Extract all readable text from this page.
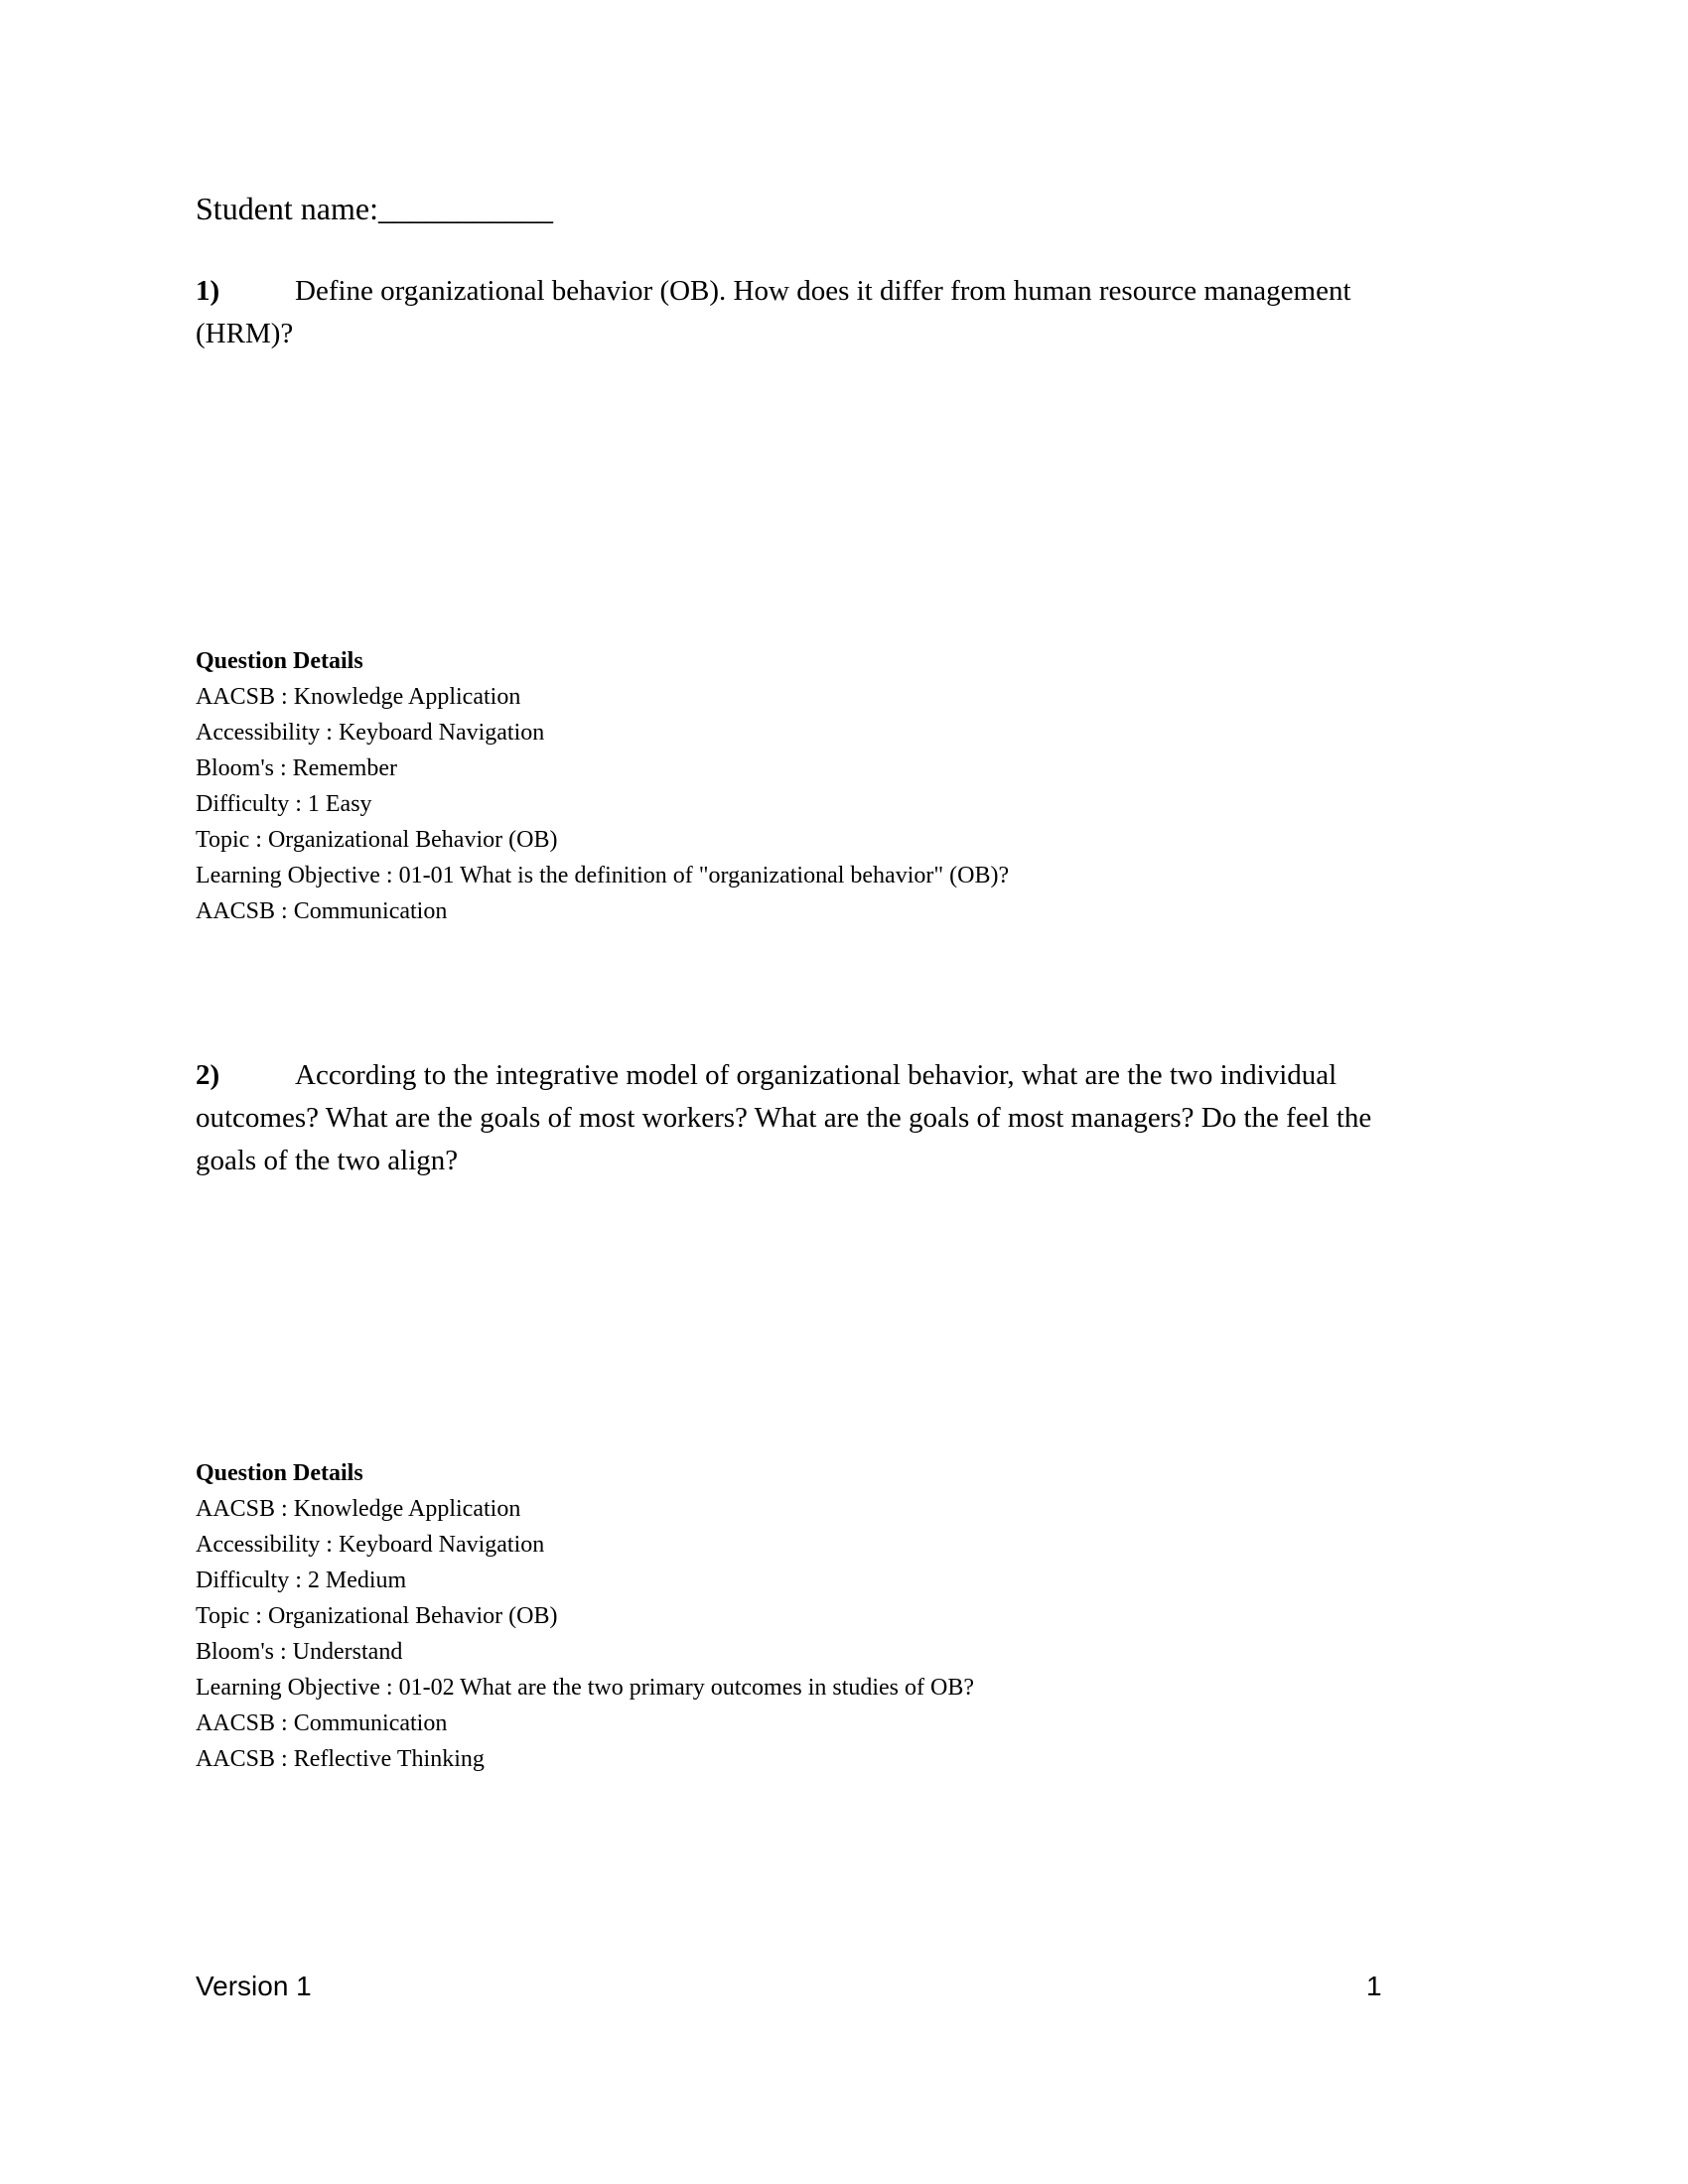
Student name:___________
1)	Define organizational behavior (OB). How does it differ from human resource management (HRM)?
Question Details
AACSB : Knowledge Application
Accessibility : Keyboard Navigation
Bloom's : Remember
Difficulty : 1 Easy
Topic : Organizational Behavior (OB)
Learning Objective : 01-01 What is the definition of "organizational behavior" (OB)?
AACSB : Communication
2)	According to the integrative model of organizational behavior, what are the two individual outcomes? What are the goals of most workers? What are the goals of most managers? Do the feel the goals of the two align?
Question Details
AACSB : Knowledge Application
Accessibility : Keyboard Navigation
Difficulty : 2 Medium
Topic : Organizational Behavior (OB)
Bloom's : Understand
Learning Objective : 01-02 What are the two primary outcomes in studies of OB?
AACSB : Communication
AACSB : Reflective Thinking
Version 1	1
